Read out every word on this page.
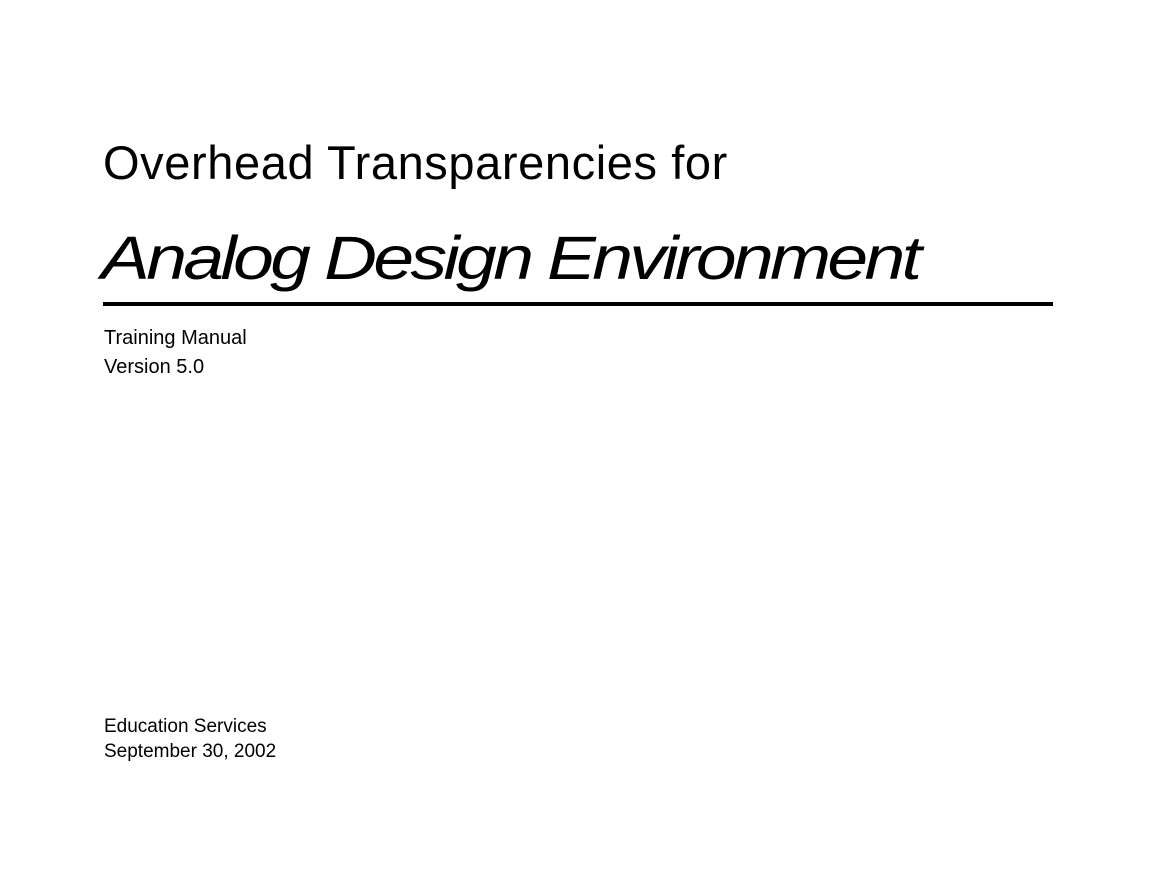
Overhead Transparencies for
Analog Design Environment
Training Manual
Version 5.0
Education Services
September 30, 2002
